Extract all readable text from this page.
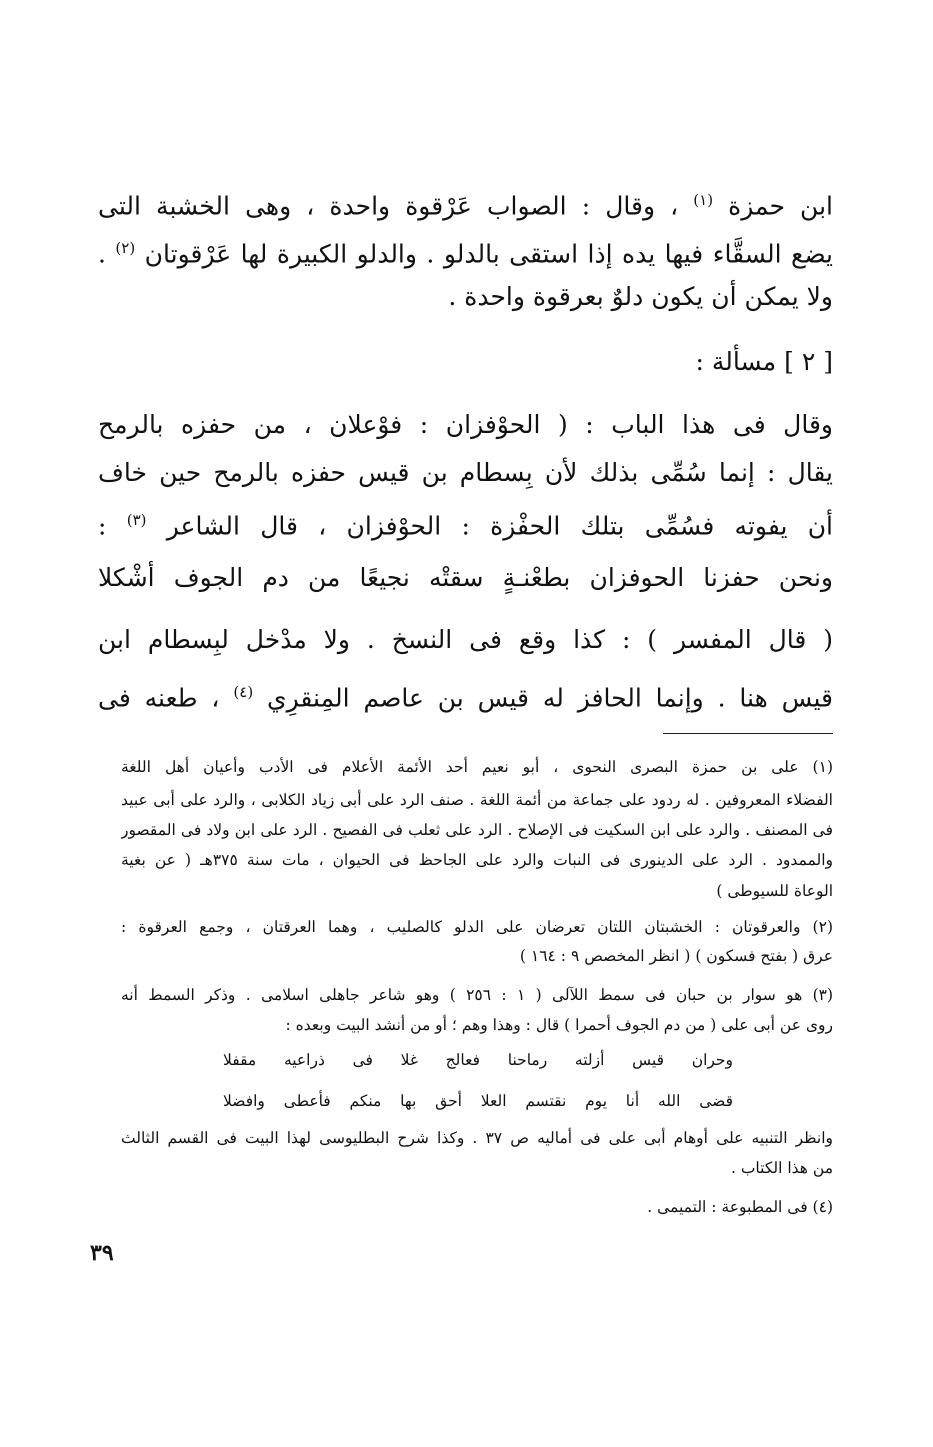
ابن حمزة $^{(١)}$ ، وقال : الصواب عَرْقوة واحدة ، وهى الخشبة التى
يضع السقَّاء فيها يده إذا استقى بالدلو . والدلو الكبيرة لها عَرْقوتان $^{(٢)}$ .
ولا يمكن أن يكون دلوٌ بعرقوة واحدة .
[ ٢ ] مسألة :
وقال فى هذا الباب : ( الحوْفزان : فوْعلان ، من حفزه بالرمح
يقال : إنما سُمِّى بذلك لأن بِسطام بن قيس حفزه بالرمح حين خاف
أن يفوته فسُمِّى بتلك الحفْزة : الحوْفزان ، قال الشاعر $^{(٣)}$ :
ونحن حفزنا الحوفزان بطعْنـةٍ سقتْه نجيعًا من دم الجوف أشْكلا
( قال المفسر ) : كذا وقع فى النسخ . ولا مدْخل لبِسطام ابن
قيس هنا . وإنما الحافز له قيس بن عاصم المِنقرِي $^{(٤)}$ ، طعنه فى
(١) على بن حمزة البصرى النحوى ، أبو نعيم أحد الأئمة الأعلام فى الأدب وأعيان أهل اللغة
الفضلاء المعروفين . له ردود على جماعة من أئمة اللغة . صنف الرد على أبى زياد الكلابى ، والرد على أبى عبيد
فى المصنف . والرد على ابن السكيت فى الإصلاح . الرد على ثعلب فى الفصيح . الرد على ابن ولاد فى المقصور
والممدود . الرد على الدينورى فى النبات والرد على الجاحظ فى الحيوان ، مات سنة ٣٧٥هـ ( عن بغية
الوعاة للسيوطى )
(٢) والعرقوتان : الخشبتان اللتان تعرضان على الدلو كالصليب ، وهما العرقتان ، وجمع العرقوة :
عرق ( بفتح فسكون ) ( انظر المخصص ٩ : ١٦٤ )
(٣) هو سوار بن حبان فى سمط اللآلى ( ١ : ٢٥٦ ) وهو شاعر جاهلى اسلامى . وذكر السمط أنه
روى عن أبى على ( من دم الجوف أحمرا ) قال : وهذا وهم ؛ أو من أنشد البيت وبعده :
وحران قيس أزلته رماحنا فعالج غلا فى ذراعيه مقفلا
قضى الله أنا يوم نقتسم العلا أحق بها منكم فأعطى وافضلا
وانظر التنبيه على أوهام أبى على فى أماليه ص ٣٧ . وكذا شرح البطليوسى لهذا البيت فى القسم الثالث
من هذا الكتاب .
(٤) فى المطبوعة : التميمى .
٣٩
